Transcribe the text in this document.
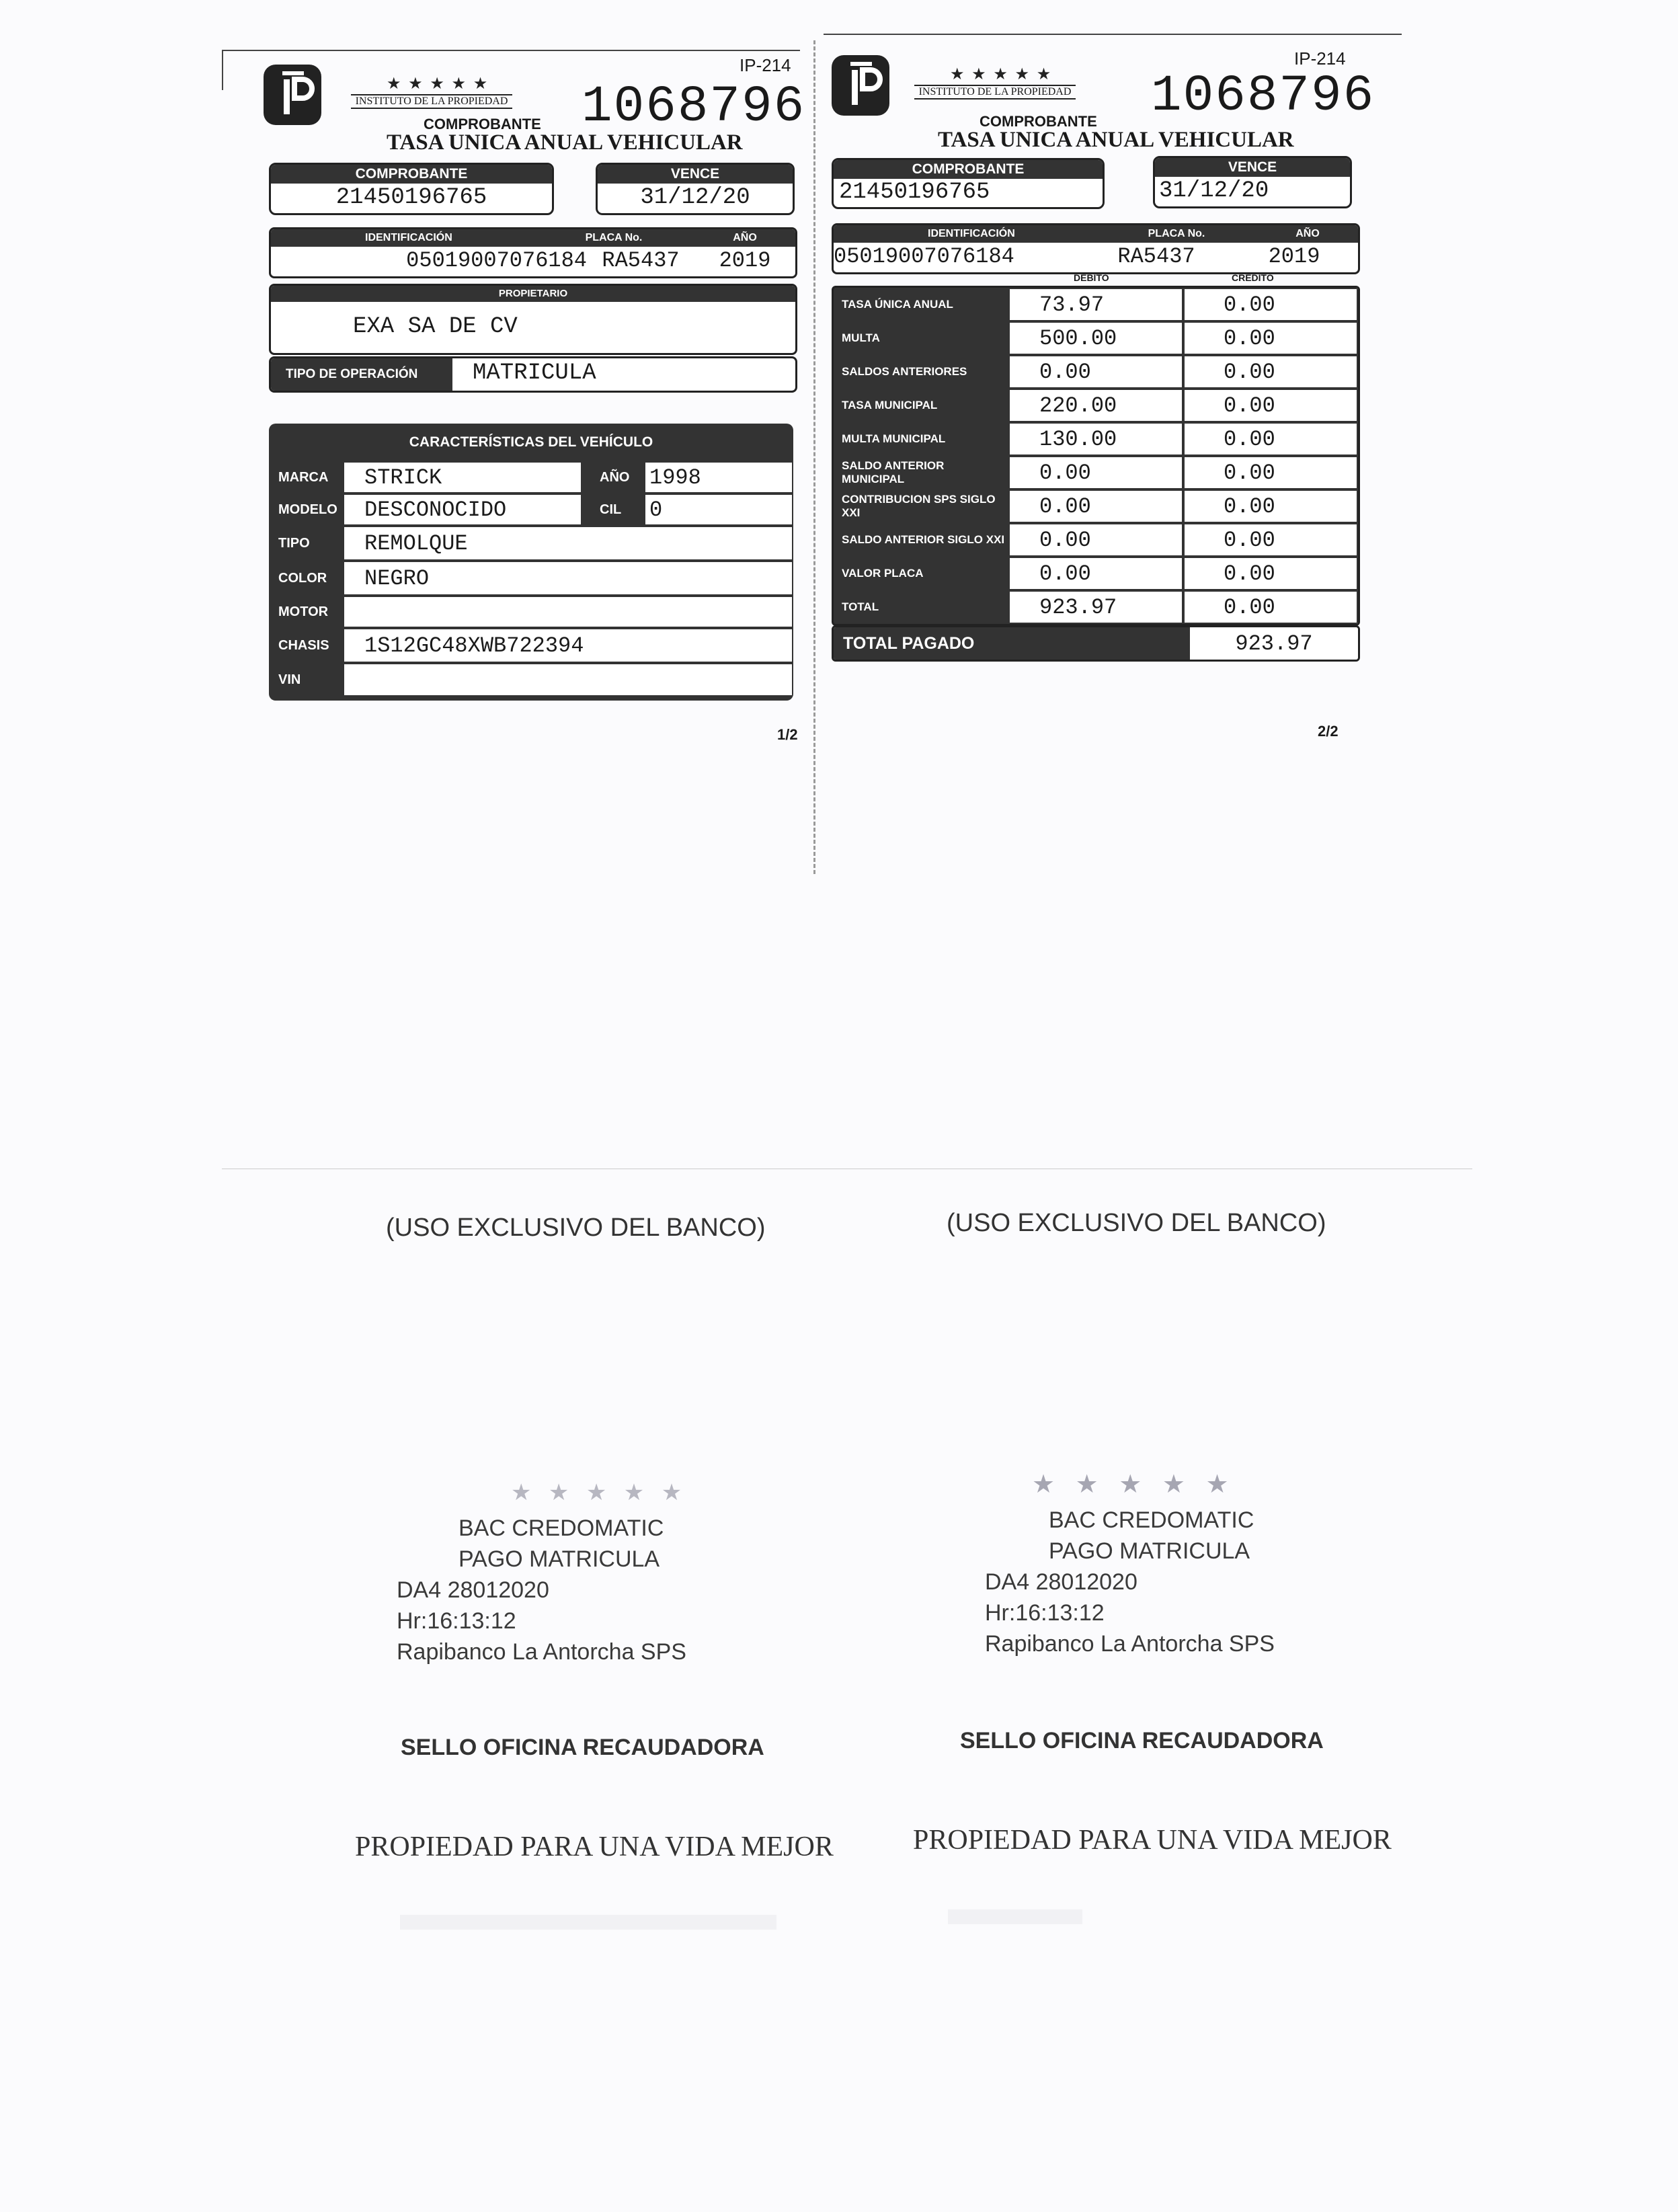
IP-214
★ ★ ★ ★ ★
INSTITUTO DE LA PROPIEDAD 1068796
COMPROBANTE
TASA UNICA ANUAL VEHICULAR
COMPROBANTE
21450196765
VENCE
31/12/20
IDENTIFICACIÓN	PLACA No.	AÑO
05019007076184 RA5437	2019
PROPIETARIO
EXA SA DE CV
TIPO DE OPERACIÓN	MATRICULA
CARACTERÍSTICAS DEL VEHÍCULO
MARCA	STRICK	AÑO 1998
MODELO	DESCONOCIDO	CIL	0
TIPO	REMOLQUE
COLOR	NEGRO
MOTOR
CHASIS	1S12GC48XWB722394
VIN
1/2
IP-214
★ ★ ★ ★ ★
INSTITUTO DE LA PROPIEDAD 1068796
COMPROBANTE
TASA UNICA ANUAL VEHICULAR
COMPROBANTE
21450196765
VENCE
31/12/20
IDENTIFICACIÓN	PLACA No.	AÑO
05019007076184	RA5437	2019
DÉBITO	CRÉDITO
TASA ÚNICA ANUAL	73.97	0.00
MULTA	500.00	0.00
SALDOS ANTERIORES	0.00	0.00
TASA MUNICIPAL	220.00	0.00
MULTA MUNICIPAL	130.00	0.00
SALDO ANTERIOR MUNICIPAL	0.00	0.00
CONTRIBUCION SPS SIGLO XXI	0.00	0.00
SALDO ANTERIOR SIGLO XXI	0.00	0.00
VALOR PLACA	0.00	0.00
TOTAL	923.97	0.00
TOTAL PAGADO	923.97
2/2
(USO EXCLUSIVO DEL BANCO)	(USO EXCLUSIVO DEL BANCO)
★ ★ ★ ★ ★
BAC CREDOMATIC
PAGO MATRICULA
DA4 28012020
Hr:16:13:12
Rapibanco La Antorcha SPS
★ ★ ★ ★ ★
BAC CREDOMATIC
PAGO MATRICULA
DA4 28012020
Hr:16:13:12
Rapibanco La Antorcha SPS
SELLO OFICINA RECAUDADORA	SELLO OFICINA RECAUDADORA
PROPIEDAD PARA UNA VIDA MEJOR	PROPIEDAD PARA UNA VIDA MEJOR
